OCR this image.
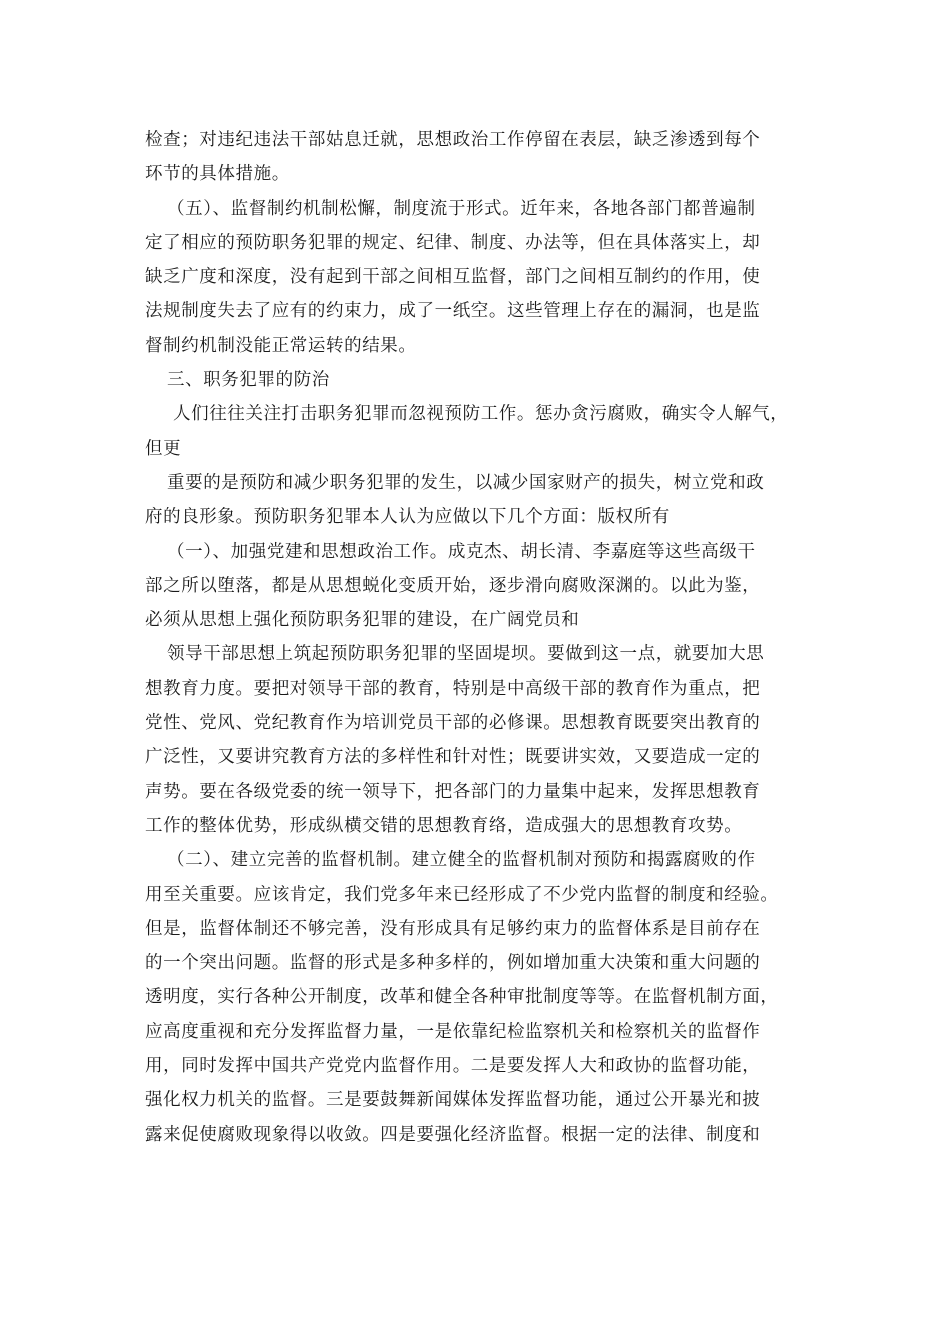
检查；对违纪违法干部姑息迁就，思想政治工作停留在表层，缺乏渗透到每个
环节的具体措施。
（五）、监督制约机制松懈，制度流于形式。近年来，各地各部门都普遍制
定了相应的预防职务犯罪的规定、纪律、制度、办法等，但在具体落实上，却
缺乏广度和深度，没有起到干部之间相互监督，部门之间相互制约的作用，使
法规制度失去了应有的约束力，成了一纸空。这些管理上存在的漏洞，也是监
督制约机制没能正常运转的结果。
三、职务犯罪的防治
人们往往关注打击职务犯罪而忽视预防工作。惩办贪污腐败，确实令人解气，
但更
重要的是预防和减少职务犯罪的发生，以减少国家财产的损失，树立党和政
府的良形象。预防职务犯罪本人认为应做以下几个方面：版权所有
（一）、加强党建和思想政治工作。成克杰、胡长清、李嘉庭等这些高级干
部之所以堕落，都是从思想蜕化变质开始，逐步滑向腐败深渊的。以此为鉴，
必须从思想上强化预防职务犯罪的建设，在广阔党员和
领导干部思想上筑起预防职务犯罪的坚固堤坝。要做到这一点，就要加大思
想教育力度。要把对领导干部的教育，特别是中高级干部的教育作为重点，把
党性、党风、党纪教育作为培训党员干部的必修课。思想教育既要突出教育的
广泛性，又要讲究教育方法的多样性和针对性；既要讲实效，又要造成一定的
声势。要在各级党委的统一领导下，把各部门的力量集中起来，发挥思想教育
工作的整体优势，形成纵横交错的思想教育络，造成强大的思想教育攻势。
（二）、建立完善的监督机制。建立健全的监督机制对预防和揭露腐败的作
用至关重要。应该肯定，我们党多年来已经形成了不少党内监督的制度和经验。
但是，监督体制还不够完善，没有形成具有足够约束力的监督体系是目前存在
的一个突出问题。监督的形式是多种多样的，例如增加重大决策和重大问题的
透明度，实行各种公开制度，改革和健全各种审批制度等等。在监督机制方面，
应高度重视和充分发挥监督力量，一是依靠纪检监察机关和检察机关的监督作
用，同时发挥中国共产党党内监督作用。二是要发挥人大和政协的监督功能，
强化权力机关的监督。三是要鼓舞新闻媒体发挥监督功能，通过公开暴光和披
露来促使腐败现象得以收敛。四是要强化经济监督。根据一定的法律、制度和
